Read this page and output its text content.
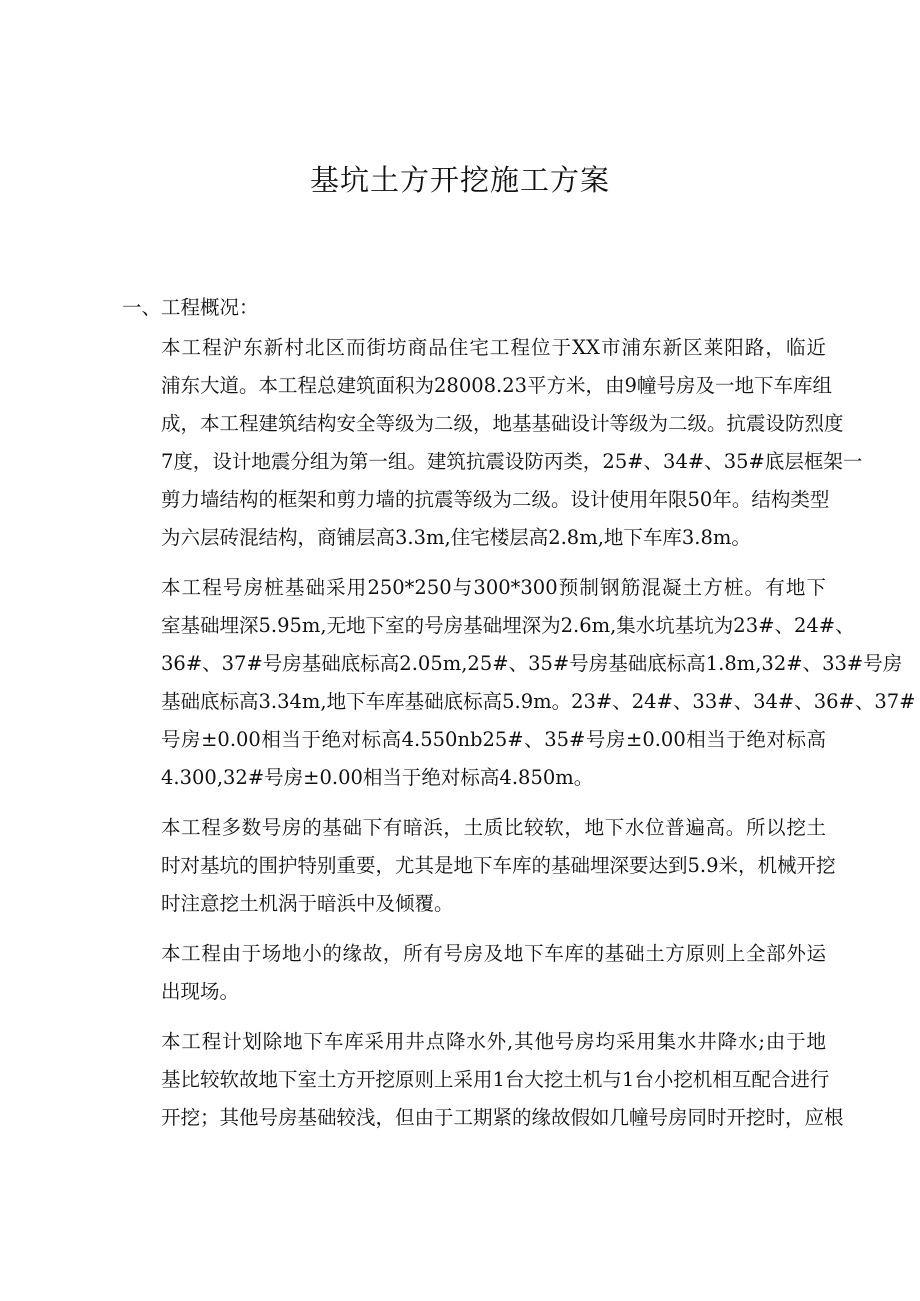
基坑土方开挖施工方案
一、工程概况：
本工程沪东新村北区而街坊商品住宅工程位于XX市浦东新区莱阳路，临近
浦东大道。本工程总建筑面积为28008.23平方米，由9幢号房及一地下车库组
成，本工程建筑结构安全等级为二级，地基基础设计等级为二级。抗震设防烈度
7度，设计地震分组为第一组。建筑抗震设防丙类，25#、34#、35#底层框架一
剪力墙结构的框架和剪力墙的抗震等级为二级。设计使用年限50年。结构类型
为六层砖混结构，商铺层高3.3m,住宅楼层高2.8m,地下车库3.8m。
本工程号房桩基础采用250*250与300*300预制钢筋混凝土方桩。有地下
室基础埋深5.95m,无地下室的号房基础埋深为2.6m,集水坑基坑为23#、24#、
36#、37#号房基础底标高2.05m,25#、35#号房基础底标高1.8m,32#、33#号房
基础底标高3.34m,地下车库基础底标高5.9m。23#、24#、33#、34#、36#、37#
号房±0.00相当于绝对标高4.550nb25#、35#号房±0.00相当于绝对标高
4.300,32#号房±0.00相当于绝对标高4.850m。
本工程多数号房的基础下有暗浜，土质比较软，地下水位普遍高。所以挖土
时对基坑的围护特别重要，尤其是地下车库的基础埋深要达到5.9米，机械开挖
时注意挖土机涡于暗浜中及倾覆。
本工程由于场地小的缘故，所有号房及地下车库的基础土方原则上全部外运
出现场。
本工程计划除地下车库采用井点降水外,其他号房均采用集水井降水;由于地
基比较软故地下室土方开挖原则上采用1台大挖土机与1台小挖机相互配合进行
开挖；其他号房基础较浅，但由于工期紧的缘故假如几幢号房同时开挖时，应根
